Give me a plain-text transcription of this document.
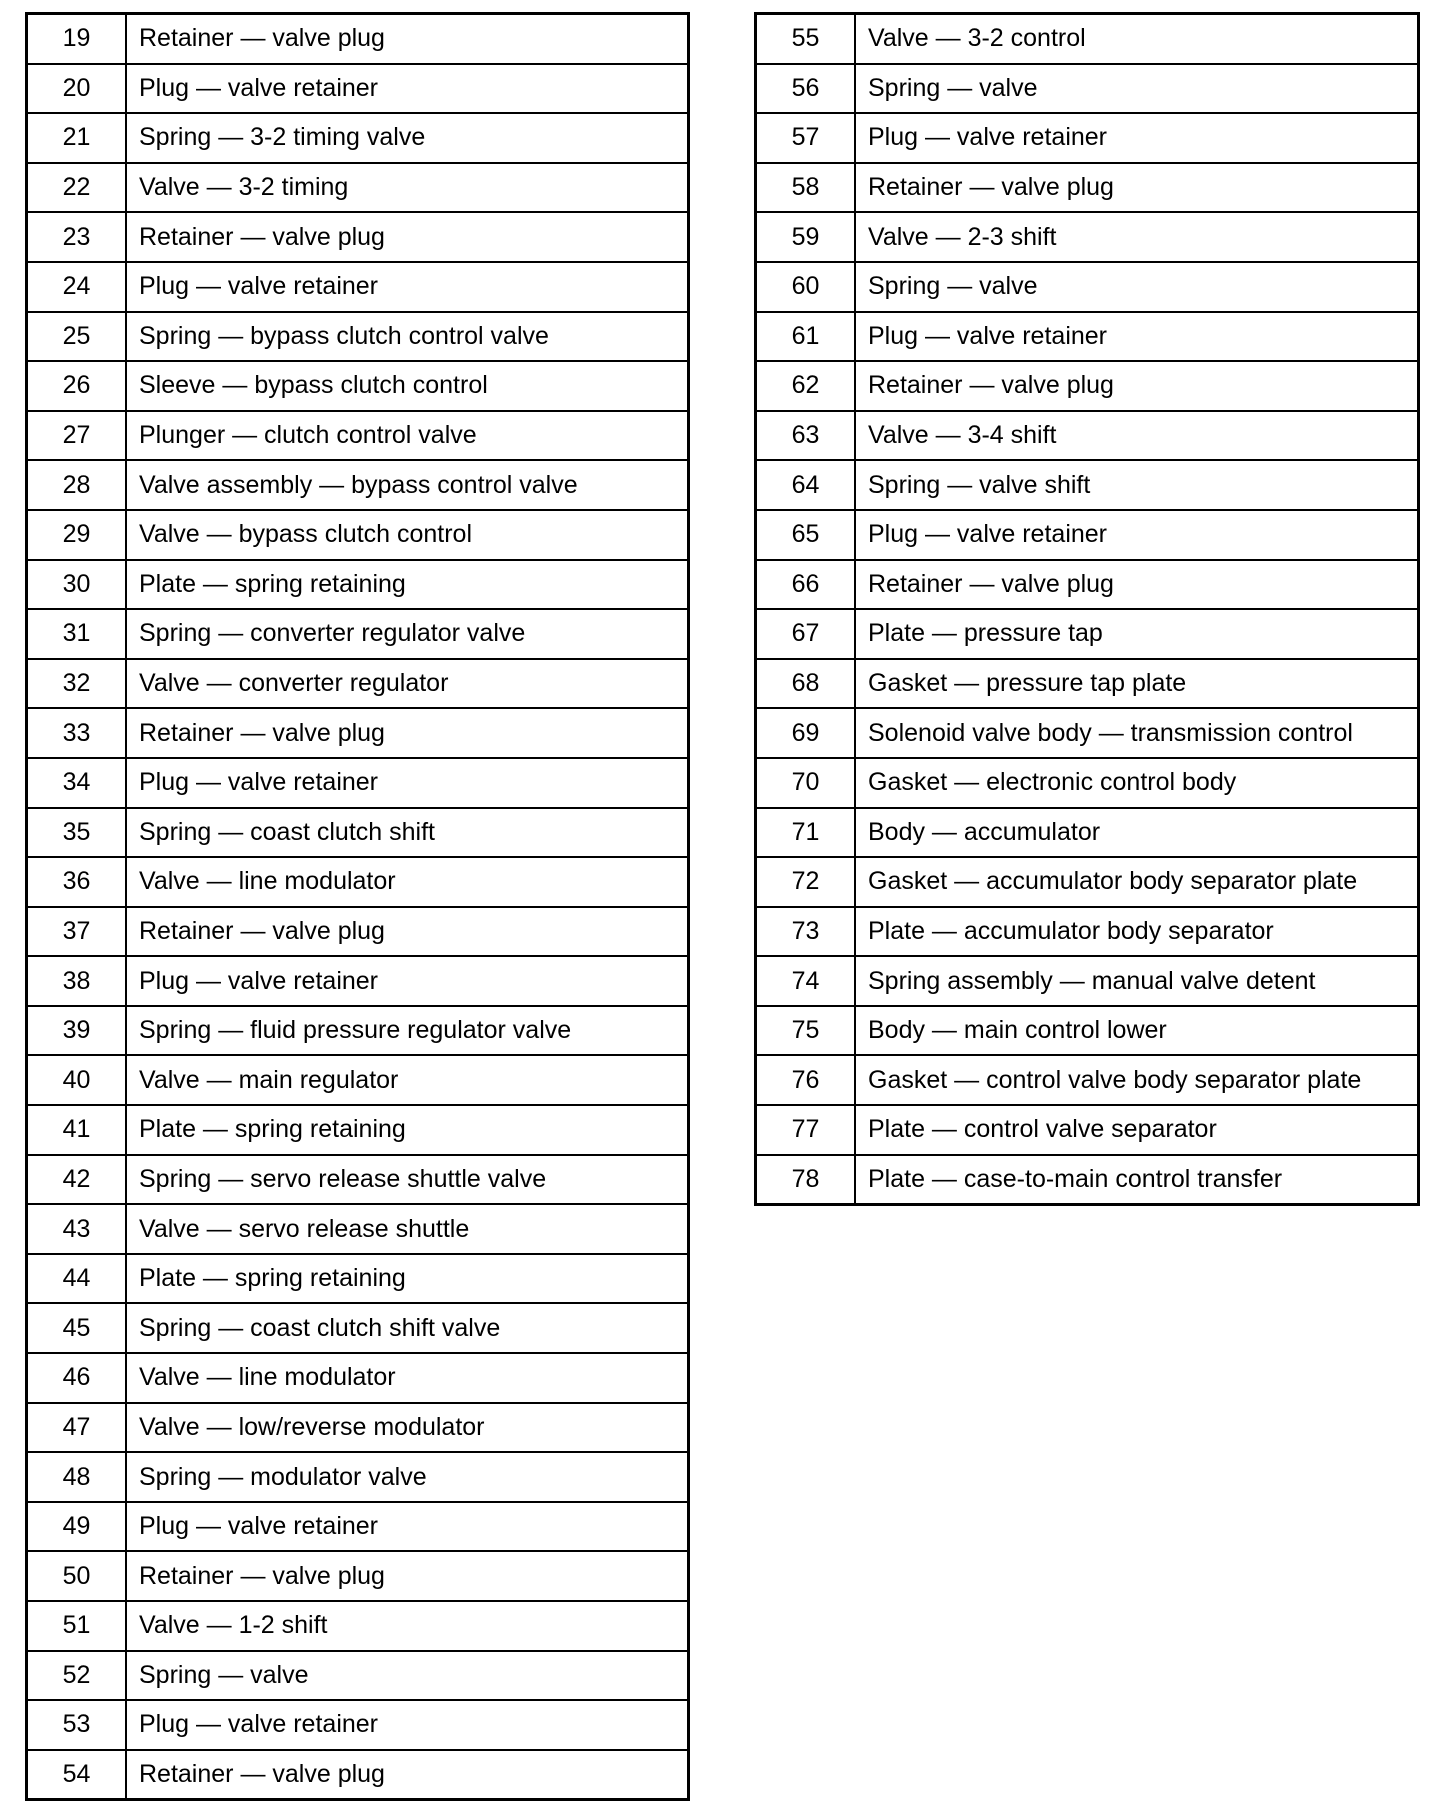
19	Retainer — valve plug
20	Plug — valve retainer
21	Spring — 3-2 timing valve
22	Valve — 3-2 timing
23	Retainer — valve plug
24	Plug — valve retainer
25	Spring — bypass clutch control valve
26	Sleeve — bypass clutch control
27	Plunger — clutch control valve
28	Valve assembly — bypass control valve
29	Valve — bypass clutch control
30	Plate — spring retaining
31	Spring — converter regulator valve
32	Valve — converter regulator
33	Retainer — valve plug
34	Plug — valve retainer
35	Spring — coast clutch shift
36	Valve — line modulator
37	Retainer — valve plug
38	Plug — valve retainer
39	Spring — fluid pressure regulator valve
40	Valve — main regulator
41	Plate — spring retaining
42	Spring — servo release shuttle valve
43	Valve — servo release shuttle
44	Plate — spring retaining
45	Spring — coast clutch shift valve
46	Valve — line modulator
47	Valve — low/reverse modulator
48	Spring — modulator valve
49	Plug — valve retainer
50	Retainer — valve plug
51	Valve — 1-2 shift
52	Spring — valve
53	Plug — valve retainer
54	Retainer — valve plug
55	Valve — 3-2 control
56	Spring — valve
57	Plug — valve retainer
58	Retainer — valve plug
59	Valve — 2-3 shift
60	Spring — valve
61	Plug — valve retainer
62	Retainer — valve plug
63	Valve — 3-4 shift
64	Spring — valve shift
65	Plug — valve retainer
66	Retainer — valve plug
67	Plate — pressure tap
68	Gasket — pressure tap plate
69	Solenoid valve body — transmission control
70	Gasket — electronic control body
71	Body — accumulator
72	Gasket — accumulator body separator plate
73	Plate — accumulator body separator
74	Spring assembly — manual valve detent
75	Body — main control lower
76	Gasket — control valve body separator plate
77	Plate — control valve separator
78	Plate — case-to-main control transfer
